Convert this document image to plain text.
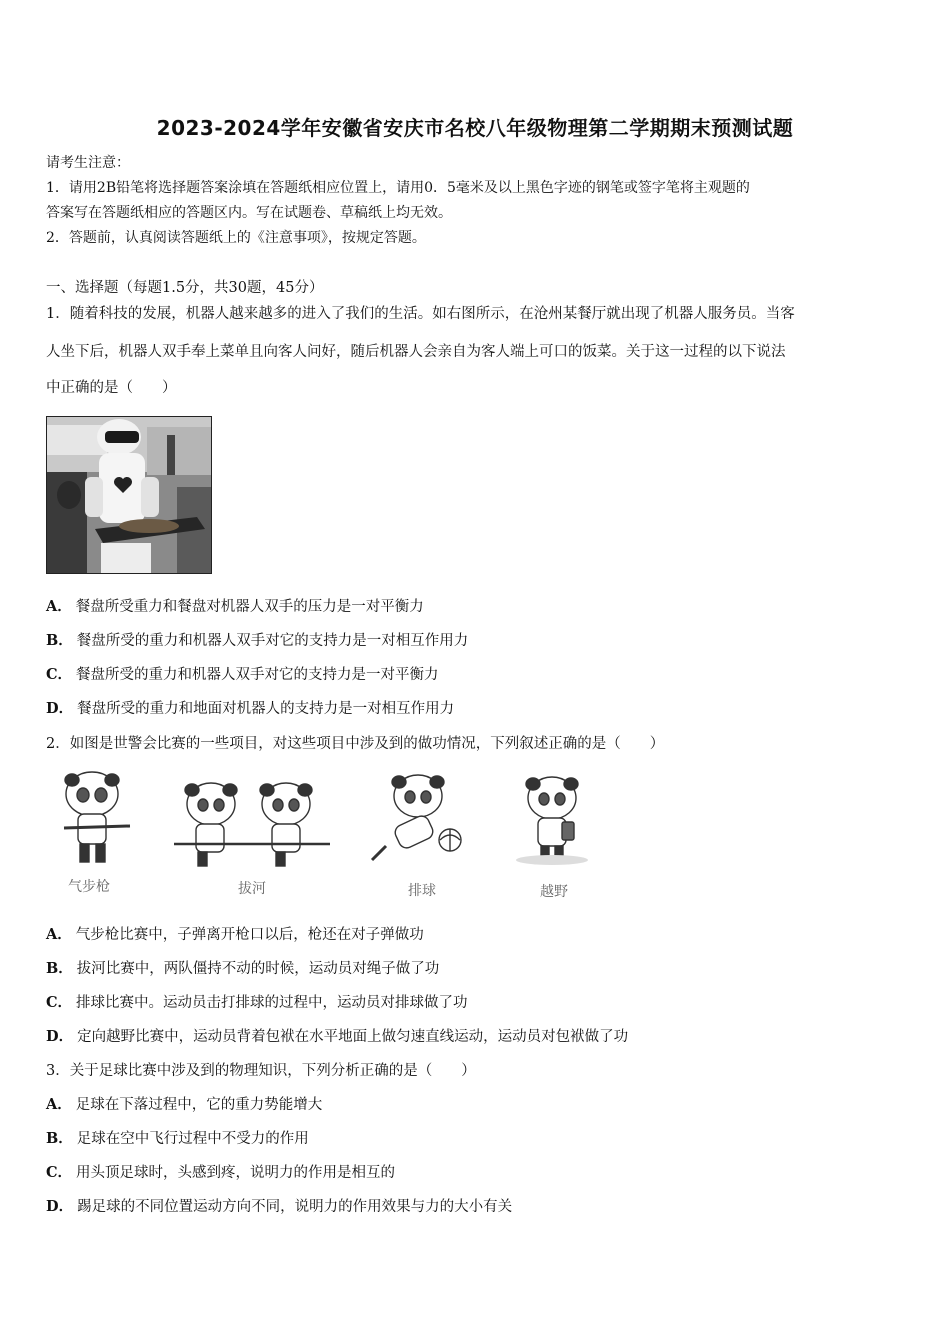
2023-2024学年安徽省安庆市名校八年级物理第二学期期末预测试题
请考生注意：
1．请用2B铅笔将选择题答案涂填在答题纸相应位置上，请用0．5毫米及以上黑色字迹的钢笔或签字笔将主观题的
答案写在答题纸相应的答题区内。写在试题卷、草稿纸上均无效。
2．答题前，认真阅读答题纸上的《注意事项》，按规定答题。
一、选择题（每题1.5分，共30题，45分）
1．随着科技的发展，机器人越来越多的进入了我们的生活。如右图所示，在沧州某餐厅就出现了机器人服务员。当客
人坐下后，机器人双手奉上菜单且向客人问好，随后机器人会亲自为客人端上可口的饭菜。关于这一过程的以下说法
中正确的是（　　）
A． 餐盘所受重力和餐盘对机器人双手的压力是一对平衡力
B． 餐盘所受的重力和机器人双手对它的支持力是一对相互作用力
C． 餐盘所受的重力和机器人双手对它的支持力是一对平衡力
D． 餐盘所受的重力和地面对机器人的支持力是一对相互作用力
2．如图是世警会比赛的一些项目，对这些项目中涉及到的做功情况，下列叙述正确的是（　　）
气步枪	拔河	排球	越野
A． 气步枪比赛中，子弹离开枪口以后，枪还在对子弹做功
B． 拔河比赛中，两队僵持不动的时候，运动员对绳子做了功
C． 排球比赛中。运动员击打排球的过程中，运动员对排球做了功
D． 定向越野比赛中，运动员背着包袱在水平地面上做匀速直线运动，运动员对包袱做了功
3．关于足球比赛中涉及到的物理知识，下列分析正确的是（　　）
A． 足球在下落过程中，它的重力势能增大
B． 足球在空中飞行过程中不受力的作用
C． 用头顶足球时，头感到疼，说明力的作用是相互的
D． 踢足球的不同位置运动方向不同，说明力的作用效果与力的大小有关
